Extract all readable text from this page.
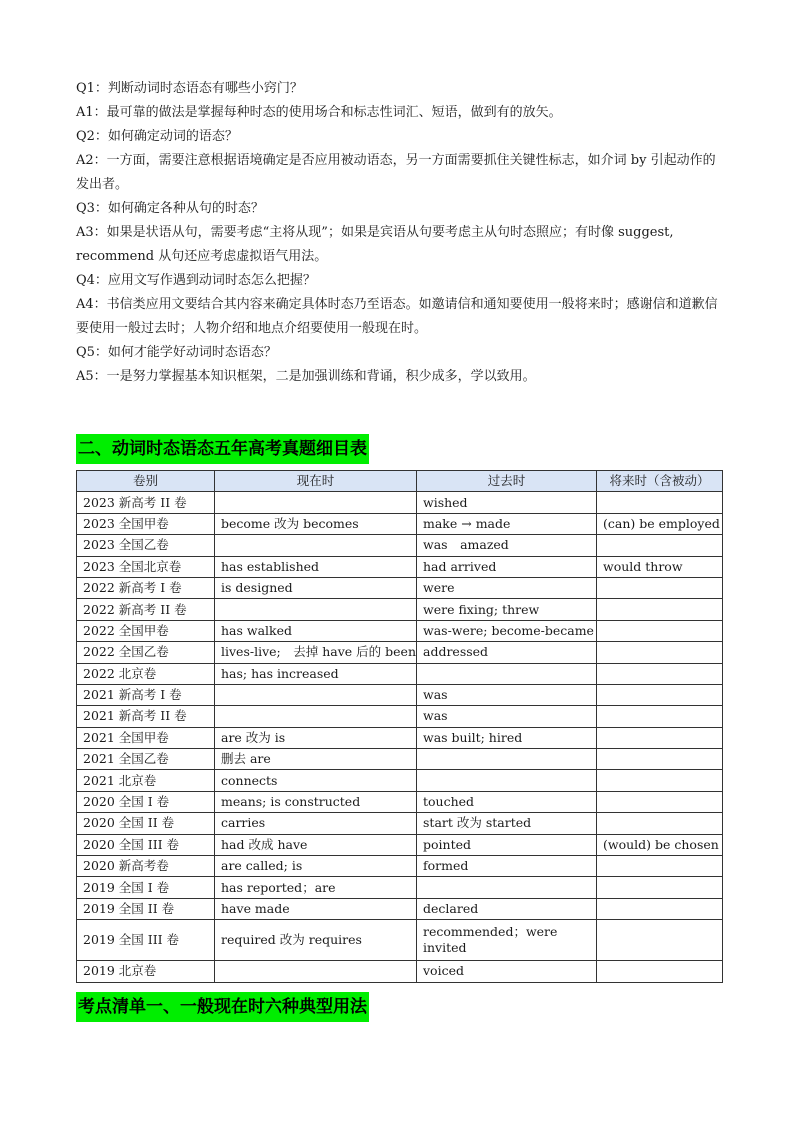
Q1：判断动词时态语态有哪些小窍门？

A1：最可靠的做法是掌握每种时态的使用场合和标志性词汇、短语，做到有的放矢。

Q2：如何确定动词的语态？

A2：一方面，需要注意根据语境确定是否应用被动语态，另一方面需要抓住关键性标志，如介词 by 引起动作的发出者。

Q3：如何确定各种从句的时态？

A3：如果是状语从句，需要考虑“主将从现”；如果是宾语从句要考虑主从句时态照应；有时像 suggest, recommend 从句还应考虑虚拟语气用法。

Q4：应用文写作遇到动词时态怎么把握？

A4：书信类应用文要结合其内容来确定具体时态乃至语态。如邀请信和通知要使用一般将来时；感谢信和道歉信要使用一般过去时；人物介绍和地点介绍要使用一般现在时。

Q5：如何才能学好动词时态语态？

A5：一是努力掌握基本知识框架，二是加强训练和背诵，积少成多，学以致用。

二、动词时态语态五年高考真题细目表
卷别	现在时	过去时	将来时（含被动）
2023 新高考 II 卷		wished	
2023 全国甲卷	become 改为 becomes	make → made	(can) be employed
2023 全国乙卷		was　amazed	
2023 全国北京卷	has established	had arrived	would throw
2022 新高考 I 卷	is designed	were	
2022 新高考 II 卷		were fixing; threw	
2022 全国甲卷	has walked	was-were; become-became	
2022 全国乙卷	lives-live;　去掉 have 后的 been	addressed	
2022 北京卷	has; has increased		
2021 新高考 I 卷		was	
2021 新高考 II 卷		was	
2021 全国甲卷	are 改为 is	was built; hired	
2021 全国乙卷	删去 are		
2021 北京卷	connects		
2020 全国 I 卷	means; is constructed	touched	
2020 全国 II 卷	carries	start 改为 started	
2020 全国 III 卷	had 改成 have	pointed	(would) be chosen
2020 新高考卷	are called; is	formed	
2019 全国 I 卷	has reported；are		
2019 全国 II 卷	have made	declared	
2019 全国 III 卷	required 改为 requires	recommended；were invited	
2019 北京卷		voiced	
考点清单一、一般现在时六种典型用法
